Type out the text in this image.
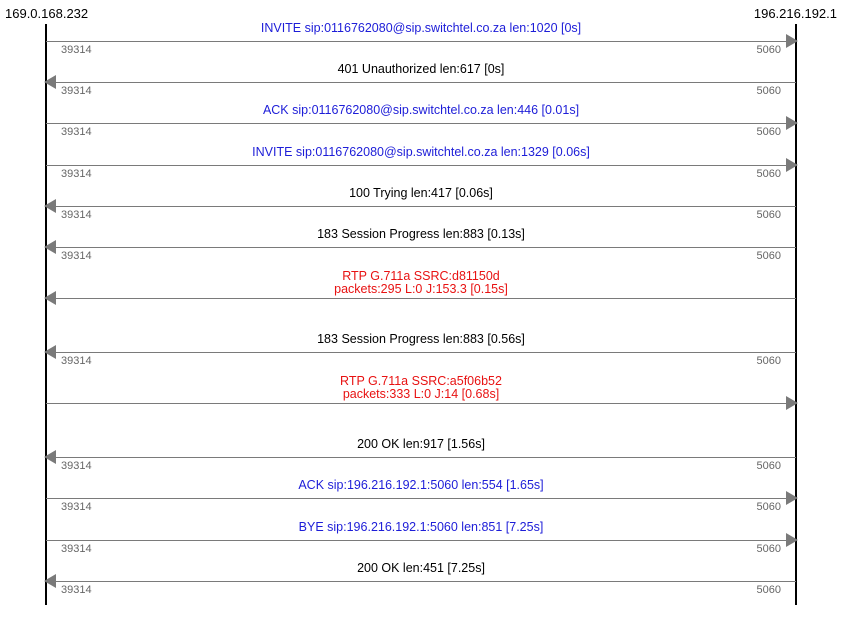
169.0.168.232	196.216.192.1
INVITE sip:0116762080@sip.switchtel.co.za len:1020 [0s]
39314	5060
401 Unauthorized len:617 [0s]
39314	5060
ACK sip:0116762080@sip.switchtel.co.za len:446 [0.01s]
39314	5060
INVITE sip:0116762080@sip.switchtel.co.za len:1329 [0.06s]
39314	5060
100 Trying len:417 [0.06s]
39314	5060
183 Session Progress len:883 [0.13s]
39314	5060
RTP G.711a SSRC:d81150d
packets:295 L:0 J:153.3 [0.15s]
183 Session Progress len:883 [0.56s]
39314	5060
RTP G.711a SSRC:a5f06b52
packets:333 L:0 J:14 [0.68s]
200 OK len:917 [1.56s]
39314	5060
ACK sip:196.216.192.1:5060 len:554 [1.65s]
39314	5060
BYE sip:196.216.192.1:5060 len:851 [7.25s]
39314	5060
200 OK len:451 [7.25s]
39314	5060
